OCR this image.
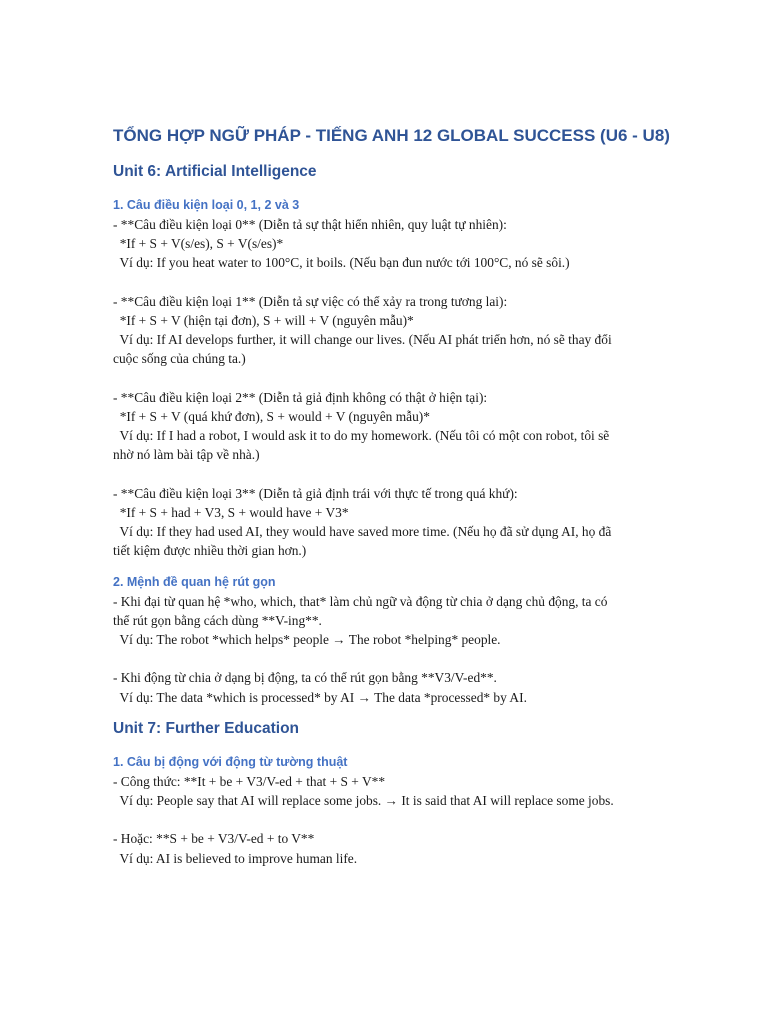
TỔNG HỢP NGỮ PHÁP - TIẾNG ANH 12 GLOBAL SUCCESS (U6 - U8)
Unit 6: Artificial Intelligence
1. Câu điều kiện loại 0, 1, 2 và 3

- **Câu điều kiện loại 0** (Diễn tả sự thật hiển nhiên, quy luật tự nhiên):

*If + S + V(s/es), S + V(s/es)*

Ví dụ: If you heat water to 100°C, it boils. (Nếu bạn đun nước tới 100°C, nó sẽ sôi.)

- **Câu điều kiện loại 1** (Diễn tả sự việc có thể xảy ra trong tương lai):

*If + S + V (hiện tại đơn), S + will + V (nguyên mẫu)*

Ví dụ: If AI develops further, it will change our lives. (Nếu AI phát triển hơn, nó sẽ thay đổi

cuộc sống của chúng ta.)

- **Câu điều kiện loại 2** (Diễn tả giả định không có thật ở hiện tại):

*If + S + V (quá khứ đơn), S + would + V (nguyên mẫu)*

Ví dụ: If I had a robot, I would ask it to do my homework. (Nếu tôi có một con robot, tôi sẽ

nhờ nó làm bài tập về nhà.)

- **Câu điều kiện loại 3** (Diễn tả giả định trái với thực tế trong quá khứ):

*If + S + had + V3, S + would have + V3*

Ví dụ: If they had used AI, they would have saved more time. (Nếu họ đã sử dụng AI, họ đã

tiết kiệm được nhiều thời gian hơn.)

2. Mệnh đề quan hệ rút gọn

- Khi đại từ quan hệ *who, which, that* làm chủ ngữ và động từ chia ở dạng chủ động, ta có

thể rút gọn bằng cách dùng **V-ing**.

Ví dụ: The robot *which helps* people → The robot *helping* people.

- Khi động từ chia ở dạng bị động, ta có thể rút gọn bằng **V3/V-ed**.

Ví dụ: The data *which is processed* by AI → The data *processed* by AI.

Unit 7: Further Education
1. Câu bị động với động từ tường thuật

- Công thức: **It + be + V3/V-ed + that + S + V**

Ví dụ: People say that AI will replace some jobs. → It is said that AI will replace some jobs.

- Hoặc: **S + be + V3/V-ed + to V**

Ví dụ: AI is believed to improve human life.
